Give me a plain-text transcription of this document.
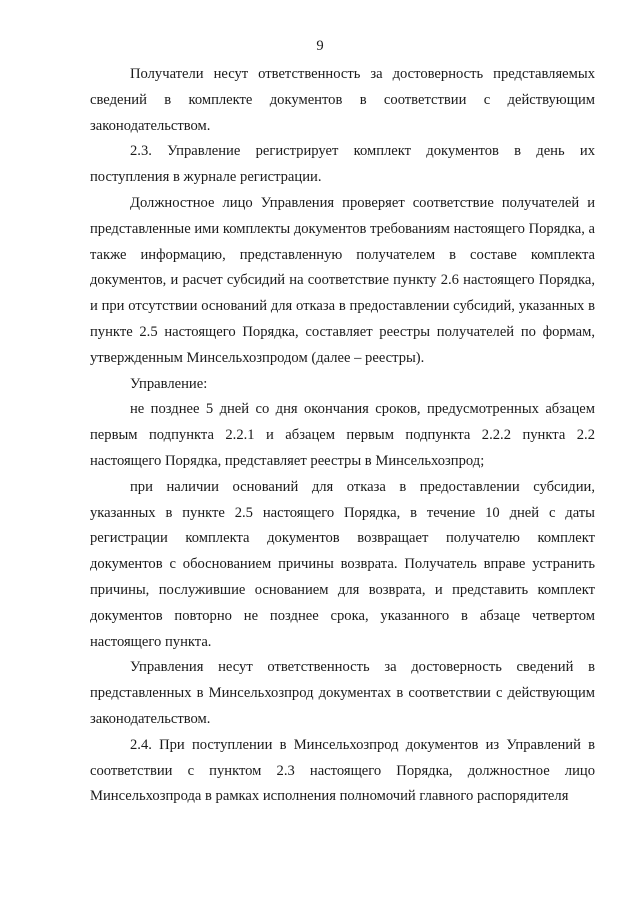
9

Получатели несут ответственность за достоверность представляемых сведений в комплекте документов в соответствии с действующим законодательством.

2.3. Управление регистрирует комплект документов в день их поступления в журнале регистрации.

Должностное лицо Управления проверяет соответствие получателей и представленные ими комплекты документов требованиям настоящего Порядка, а также информацию, представленную получателем в составе комплекта документов, и расчет субсидий на соответствие пункту 2.6 настоящего Порядка, и при отсутствии оснований для отказа в предоставлении субсидий, указанных в пункте 2.5 настоящего Порядка, составляет реестры получателей по формам, утвержденным Минсельхозпродом (далее – реестры).

Управление:

не позднее 5 дней со дня окончания сроков, предусмотренных абзацем первым подпункта 2.2.1 и абзацем первым подпункта 2.2.2 пункта 2.2 настоящего Порядка, представляет реестры в Минсельхозпрод;

при наличии оснований для отказа в предоставлении субсидии, указанных в пункте 2.5 настоящего Порядка, в течение 10 дней с даты регистрации комплекта документов возвращает получателю комплект документов с обоснованием причины возврата. Получатель вправе устранить причины, послужившие основанием для возврата, и представить комплект документов повторно не позднее срока, указанного в абзаце четвертом настоящего пункта.

Управления несут ответственность за достоверность сведений в представленных в Минсельхозпрод документах в соответствии с действующим законодательством.

2.4. При поступлении в Минсельхозпрод документов из Управлений в соответствии с пунктом 2.3 настоящего Порядка, должностное лицо Минсельхозпрода в рамках исполнения полномочий главного распорядителя
